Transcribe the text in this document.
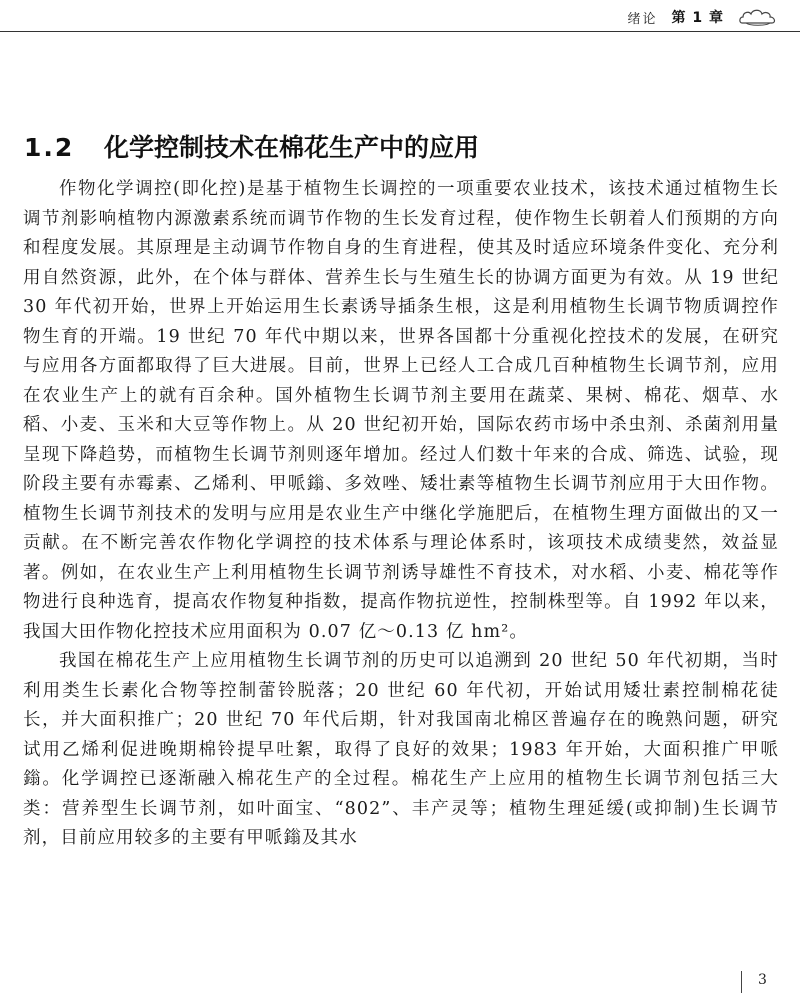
绪论 第 1 章
1.2 化学控制技术在棉花生产中的应用

作物化学调控(即化控)是基于植物生长调控的一项重要农业技术，该技术通过植物生长调节剂影响植物内源激素系统而调节作物的生长发育过程，使作物生长朝着人们预期的方向和程度发展。其原理是主动调节作物自身的生育进程，使其及时适应环境条件变化、充分利用自然资源，此外，在个体与群体、营养生长与生殖生长的协调方面更为有效。从 19 世纪 30 年代初开始，世界上开始运用生长素诱导插条生根，这是利用植物生长调节物质调控作物生育的开端。19 世纪 70 年代中期以来，世界各国都十分重视化控技术的发展，在研究与应用各方面都取得了巨大进展。目前，世界上已经人工合成几百种植物生长调节剂，应用在农业生产上的就有百余种。国外植物生长调节剂主要用在蔬菜、果树、棉花、烟草、水稻、小麦、玉米和大豆等作物上。从 20 世纪初开始，国际农药市场中杀虫剂、杀菌剂用量呈现下降趋势，而植物生长调节剂则逐年增加。经过人们数十年来的合成、筛选、试验，现阶段主要有赤霉素、乙烯利、甲哌鎓、多效唑、矮壮素等植物生长调节剂应用于大田作物。植物生长调节剂技术的发明与应用是农业生产中继化学施肥后，在植物生理方面做出的又一贡献。在不断完善农作物化学调控的技术体系与理论体系时，该项技术成绩斐然，效益显著。例如，在农业生产上利用植物生长调节剂诱导雄性不育技术，对水稻、小麦、棉花等作物进行良种选育，提高农作物复种指数，提高作物抗逆性，控制株型等。自 1992 年以来，我国大田作物化控技术应用面积为 0.07 亿～0.13 亿 hm²。

我国在棉花生产上应用植物生长调节剂的历史可以追溯到 20 世纪 50 年代初期，当时利用类生长素化合物等控制蕾铃脱落；20 世纪 60 年代初，开始试用矮壮素控制棉花徒长，并大面积推广；20 世纪 70 年代后期，针对我国南北棉区普遍存在的晚熟问题，研究试用乙烯利促进晚期棉铃提早吐絮，取得了良好的效果；1983 年开始，大面积推广甲哌鎓。化学调控已逐渐融入棉花生产的全过程。棉花生产上应用的植物生长调节剂包括三大类：营养型生长调节剂，如叶面宝、“802”、丰产灵等；植物生理延缓(或抑制)生长调节剂，目前应用较多的主要有甲哌鎓及其水

3
